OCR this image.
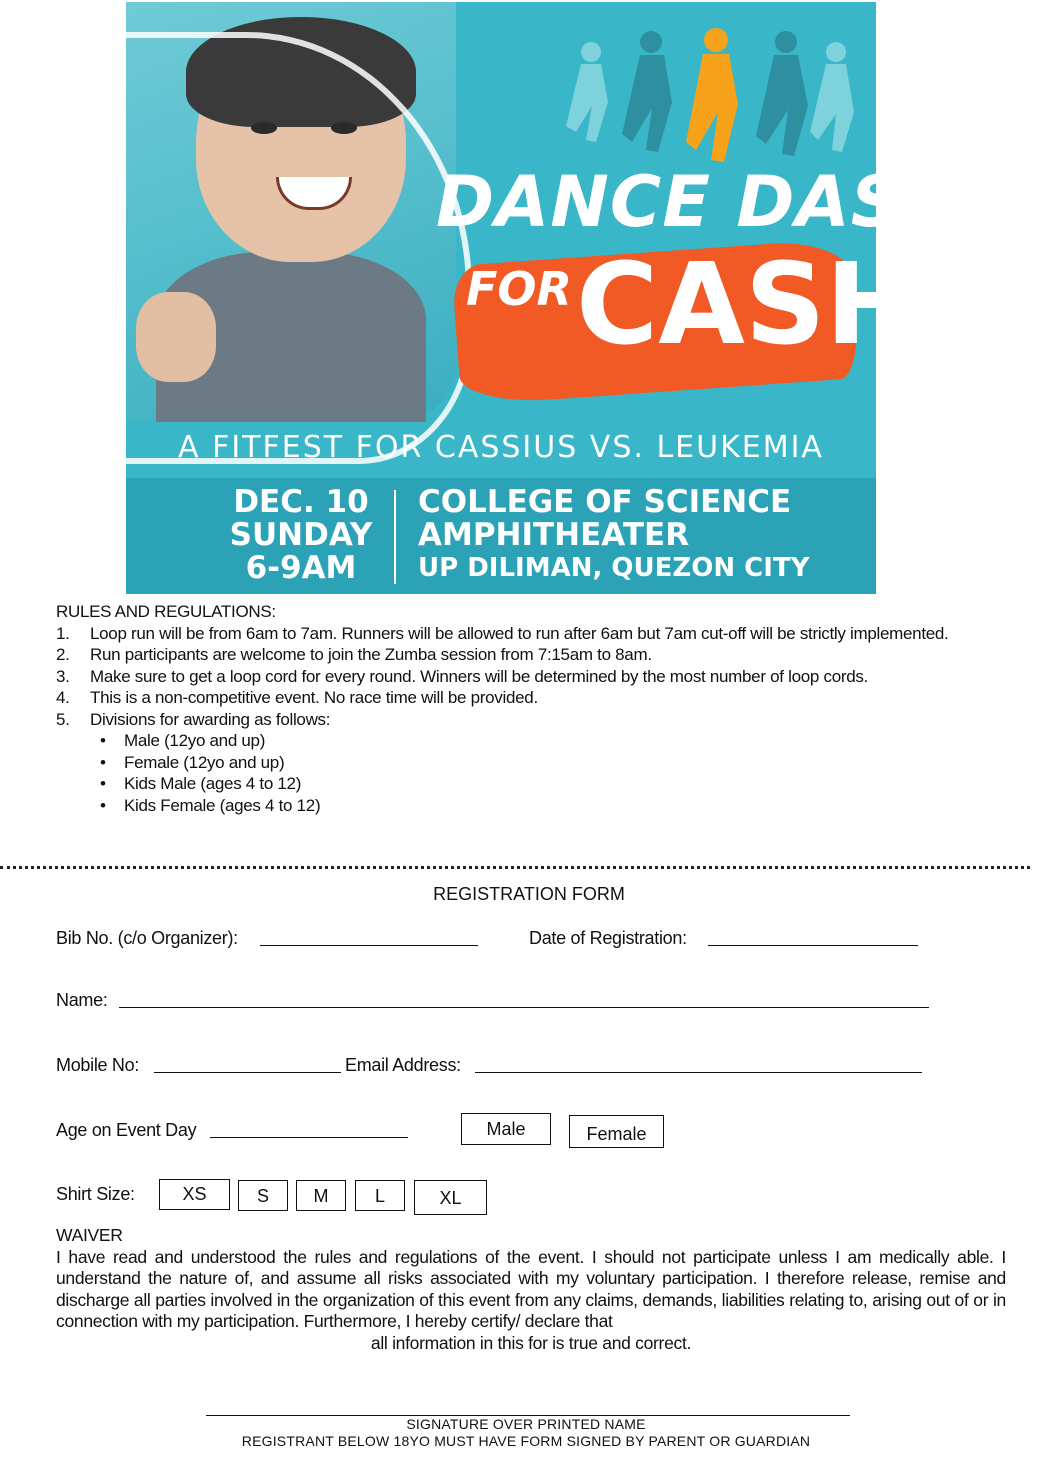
DANCE DASH
FOR CASH
A FITFEST FOR CASSIUS VS. LEUKEMIA
DEC. 10
SUNDAY
6-9AM
COLLEGE OF SCIENCE
AMPHITHEATER
UP DILIMAN, QUEZON CITY

RULES AND REGULATIONS:

1. Loop run will be from 6am to 7am. Runners will be allowed to run after 6am but 7am cut-off will be strictly implemented.
2. Run participants are welcome to join the Zumba session from 7:15am to 8am.
3. Make sure to get a loop cord for every round. Winners will be determined by the most number of loop cords.
4. This is a non-competitive event. No race time will be provided.
5. Divisions for awarding as follows:
• Male (12yo and up)
• Female (12yo and up)
• Kids Male (ages 4 to 12)
• Kids Female (ages 4 to 12)
REGISTRATION FORM
Bib No. (c/o Organizer):	Date of Registration:
Name:
Mobile No:	Email Address:
Age on Event Day	Male	Female
Shirt Size:	XS	S	M	L	XL

WAIVER

I have read and understood the rules and regulations of the event. I should not participate unless I am medically able. I understand the nature of, and assume all risks associated with my voluntary participation. I therefore release, remise and discharge all parties involved in the organization of this event from any claims, demands, liabilities relating to, arising out of or in connection with my participation. Furthermore, I hereby certify/ declare that

all information in this for is true and correct.

SIGNATURE OVER PRINTED NAME
REGISTRANT BELOW 18YO MUST HAVE FORM SIGNED BY PARENT OR GUARDIAN
